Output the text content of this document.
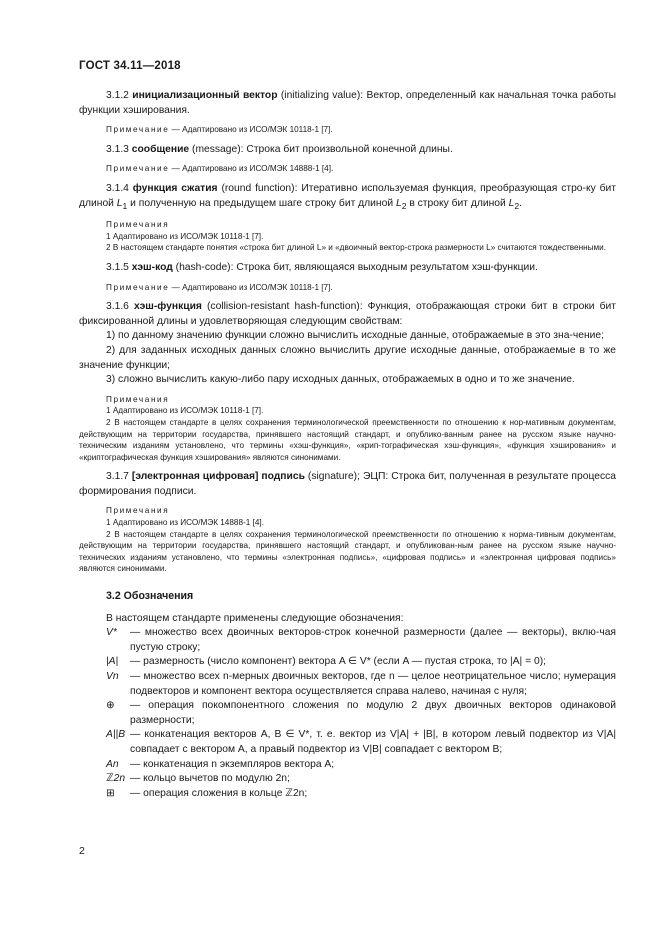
ГОСТ 34.11—2018

3.1.2 инициализационный вектор (initializing value): Вектор, определенный как начальная точка работы функции хэширования.

Примечание — Адаптировано из ИСО/МЭК 10118-1 [7].

3.1.3 сообщение (message): Строка бит произвольной конечной длины.

Примечание — Адаптировано из ИСО/МЭК 14888-1 [4].

3.1.4 функция сжатия (round function): Итеративно используемая функция, преобразующая стро-ку бит длиной $L_1$ и полученную на предыдущем шаге строку бит длиной $L_2$ в строку бит длиной $L_2$.

Примечания
1 Адаптировано из ИСО/МЭК 10118-1 [7].
2 В настоящем стандарте понятия «строка бит длиной L» и «двоичный вектор-строка размерности L» считаются тождественными.

3.1.5 хэш-код (hash-code): Строка бит, являющаяся выходным результатом хэш-функции.

Примечание — Адаптировано из ИСО/МЭК 10118-1 [7].

3.1.6 хэш-функция (collision-resistant hash-function): Функция, отображающая строки бит в строки бит фиксированной длины и удовлетворяющая следующим свойствам:

1) по данному значению функции сложно вычислить исходные данные, отображаемые в это зна-чение;

2) для заданных исходных данных сложно вычислить другие исходные данные, отображаемые в то же значение функции;

3) сложно вычислить какую-либо пару исходных данных, отображаемых в одно и то же значение.

Примечания
1 Адаптировано из ИСО/МЭК 10118-1 [7].
2 В настоящем стандарте в целях сохранения терминологической преемственности по отношению к нор-мативным документам, действующим на территории государства, принявшего настоящий стандарт, и опублико-ванным ранее на русском языке научно-техническим изданиям установлено, что термины «хэш-функция», «крип-тографическая хэш-функция», «функция хэширования» и «криптографическая функция хэширования» являются синонимами.

3.1.7 [электронная цифровая] подпись (signature); ЭЦП: Строка бит, полученная в результате процесса формирования подписи.

Примечания
1 Адаптировано из ИСО/МЭК 14888-1 [4].
2 В настоящем стандарте в целях сохранения терминологической преемственности по отношению к норма-тивным документам, действующим на территории государства, принявшего настоящий стандарт, и опубликован-ным ранее на русском языке научно-технических изданиям установлено, что термины «электронная подпись», «цифровая подпись» и «электронная цифровая подпись» являются синонимами.
3.2 Обозначения

В настоящем стандарте применены следующие обозначения:

V*	— множество всех двоичных векторов-строк конечной размерности (далее — векторы), вклю-чая пустую строку;
|A|	— размерность (число компонент) вектора A ∈ V* (если A — пустая строка, то |A| = 0);
Vn	— множество всех n-мерных двоичных векторов, где n — целое неотрицательное число; нумерация подвекторов и компонент вектора осуществляется справа налево, начиная с нуля;
⊕	— операция покомпонентного сложения по модулю 2 двух двоичных векторов одинаковой размерности;
A||B — конкатенация векторов A, B ∈ V*, т. е. вектор из V|A| + |B|, в котором левый подвектор из V|A| совпадает с вектором A, а правый подвектор из V|B| совпадает с вектором B;
An	— конкатенация n экземпляров вектора A;
ℤ2n — кольцо вычетов по модулю 2n;
⊞	— операция сложения в кольце ℤ2n;
2
